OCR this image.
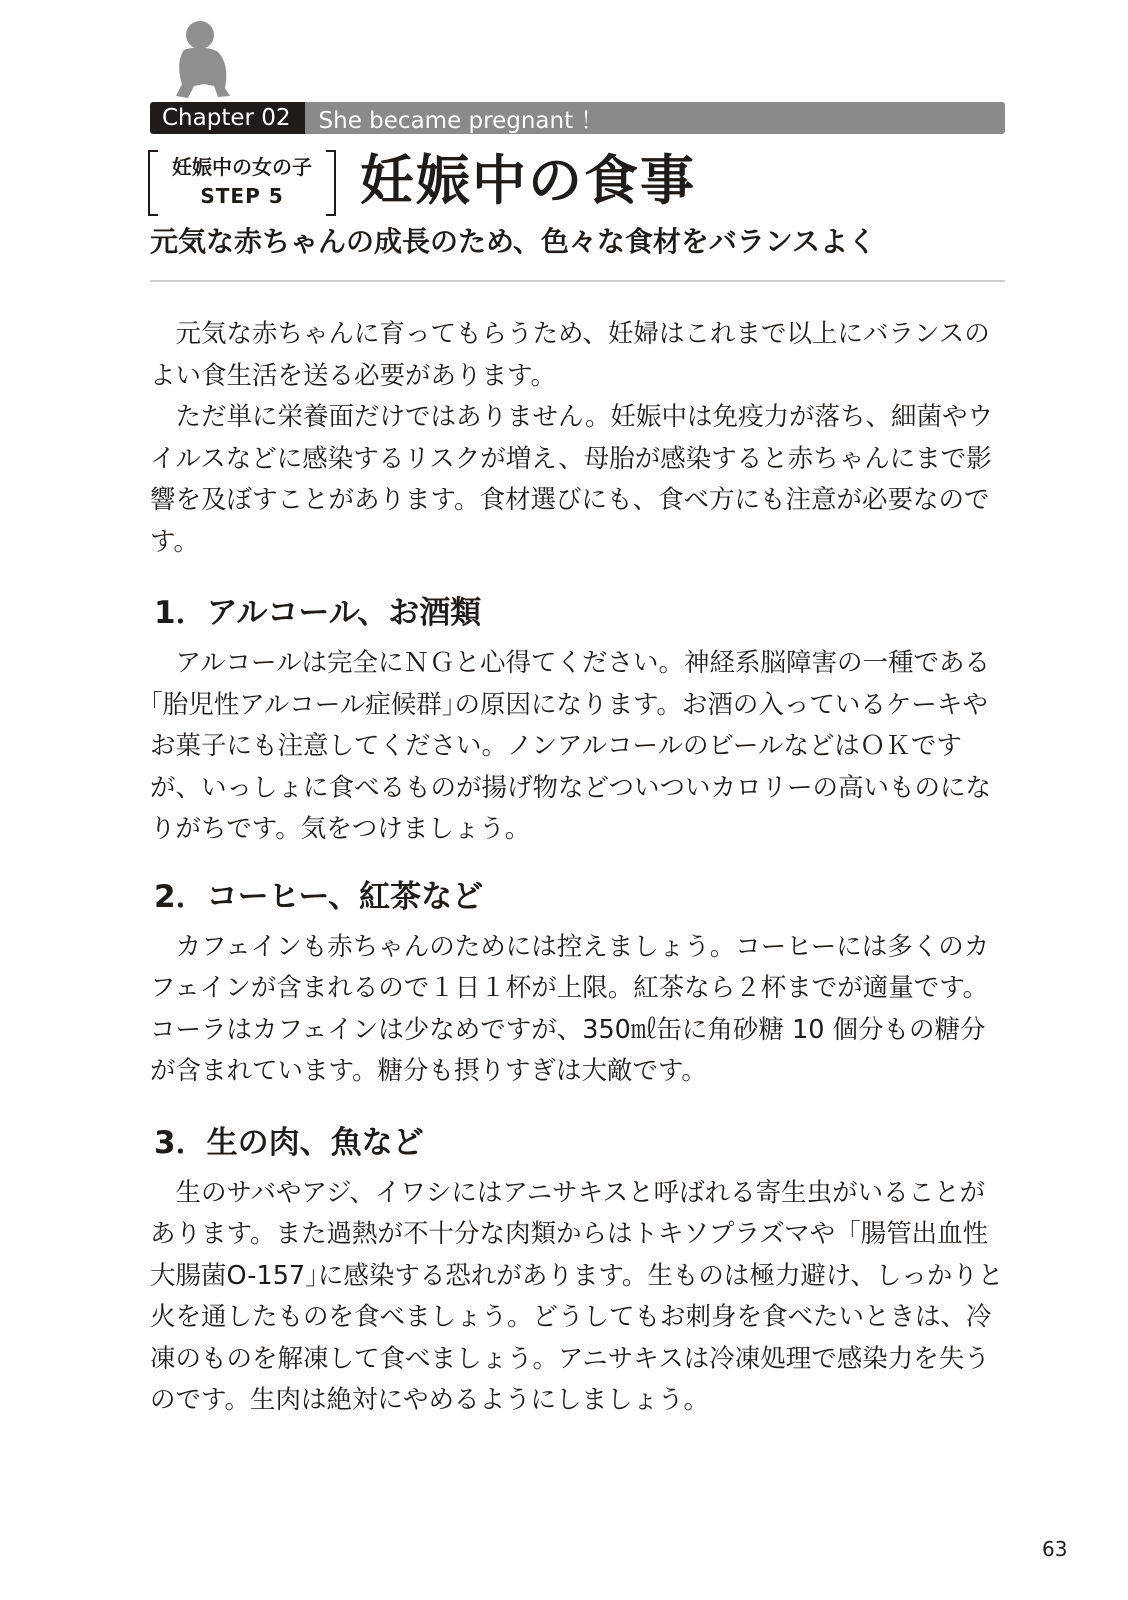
Chapter 02	She became pregnant ！
妊娠中の女の子
STEP 5	妊娠中の食事
元気な赤ちゃんの成長のため、色々な食材をバランスよく

元気な赤ちゃんに育ってもらうため、妊婦はこれまで以上にバランスのよい食生活を送る必要があります。

ただ単に栄養面だけではありません。妊娠中は免疫力が落ち、細菌やウイルスなどに感染するリスクが増え、母胎が感染すると赤ちゃんにまで影響を及ぼすことがあります。食材選びにも、食べ方にも注意が必要なのです。

1．アルコール、お酒類

アルコールは完全にＮＧと心得てください。神経系脳障害の一種である｢胎児性アルコール症候群｣の原因になります。お酒の入っているケーキやお菓子にも注意してください。ノンアルコールのビールなどはＯＫですが、いっしょに食べるものが揚げ物などついついカロリーの高いものになりがちです。気をつけましょう。

2．コーヒー、紅茶など

カフェインも赤ちゃんのためには控えましょう。コーヒーには多くのカフェインが含まれるので１日１杯が上限。紅茶なら２杯までが適量です。コーラはカフェインは少なめですが、350㎖缶に角砂糖 10 個分もの糖分が含まれています。糖分も摂りすぎは大敵です。

3．生の肉、魚など

生のサバやアジ、イワシにはアニサキスと呼ばれる寄生虫がいることがあります。また過熱が不十分な肉類からはトキソプラズマや「腸管出血性大腸菌O-157｣に感染する恐れがあります。生ものは極力避け、しっかりと火を通したものを食べましょう。どうしてもお刺身を食べたいときは、冷凍のものを解凍して食べましょう。アニサキスは冷凍処理で感染力を失うのです。生肉は絶対にやめるようにしましょう。

63
